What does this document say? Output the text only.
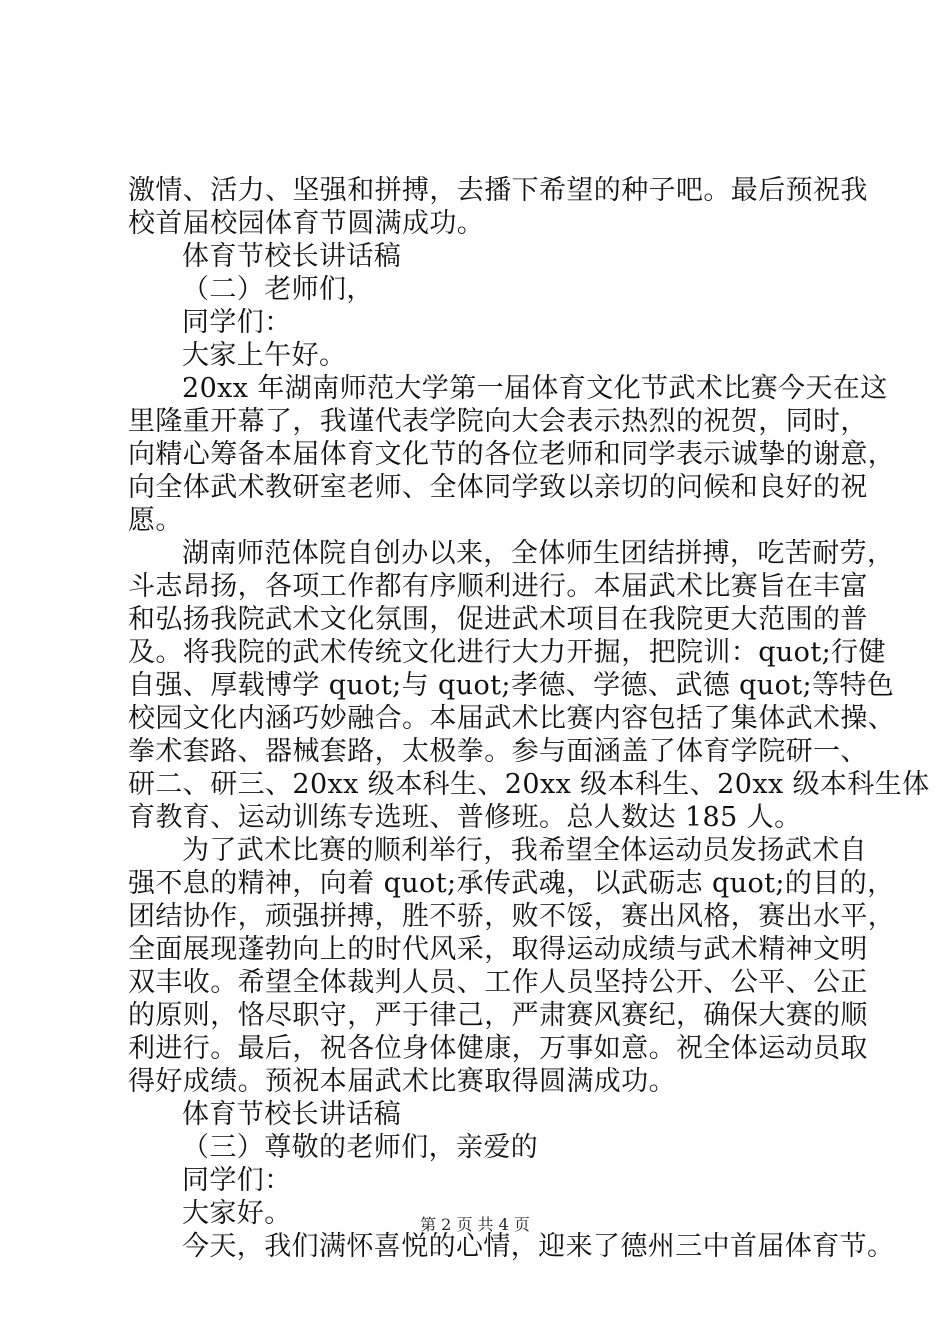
激情、活力、坚强和拼搏，去播下希望的种子吧。最后预祝我
校首届校园体育节圆满成功。
体育节校长讲话稿
（二）老师们，
同学们：
大家上午好。
20xx 年湖南师范大学第一届体育文化节武术比赛今天在这
里隆重开幕了，我谨代表学院向大会表示热烈的祝贺，同时，
向精心筹备本届体育文化节的各位老师和同学表示诚挚的谢意，
向全体武术教研室老师、全体同学致以亲切的问候和良好的祝
愿。
湖南师范体院自创办以来，全体师生团结拼搏，吃苦耐劳，
斗志昂扬，各项工作都有序顺利进行。本届武术比赛旨在丰富
和弘扬我院武术文化氛围，促进武术项目在我院更大范围的普
及。将我院的武术传统文化进行大力开掘，把院训：quot;行健
自强、厚载博学 quot;与 quot;孝德、学德、武德 quot;等特色
校园文化内涵巧妙融合。本届武术比赛内容包括了集体武术操、
拳术套路、器械套路，太极拳。参与面涵盖了体育学院研一、
研二、研三、20xx 级本科生、20xx 级本科生、20xx 级本科生体
育教育、运动训练专选班、普修班。总人数达 185 人。
为了武术比赛的顺利举行，我希望全体运动员发扬武术自
强不息的精神，向着 quot;承传武魂，以武砺志 quot;的目的，
团结协作，顽强拼搏，胜不骄，败不馁，赛出风格，赛出水平，
全面展现蓬勃向上的时代风采，取得运动成绩与武术精神文明
双丰收。希望全体裁判人员、工作人员坚持公开、公平、公正
的原则，恪尽职守，严于律己，严肃赛风赛纪，确保大赛的顺
利进行。最后，祝各位身体健康，万事如意。祝全体运动员取
得好成绩。预祝本届武术比赛取得圆满成功。
体育节校长讲话稿
（三）尊敬的老师们，亲爱的
同学们：
大家好。
今天，我们满怀喜悦的心情，迎来了德州三中首届体育节。
第 2 页 共 4 页
